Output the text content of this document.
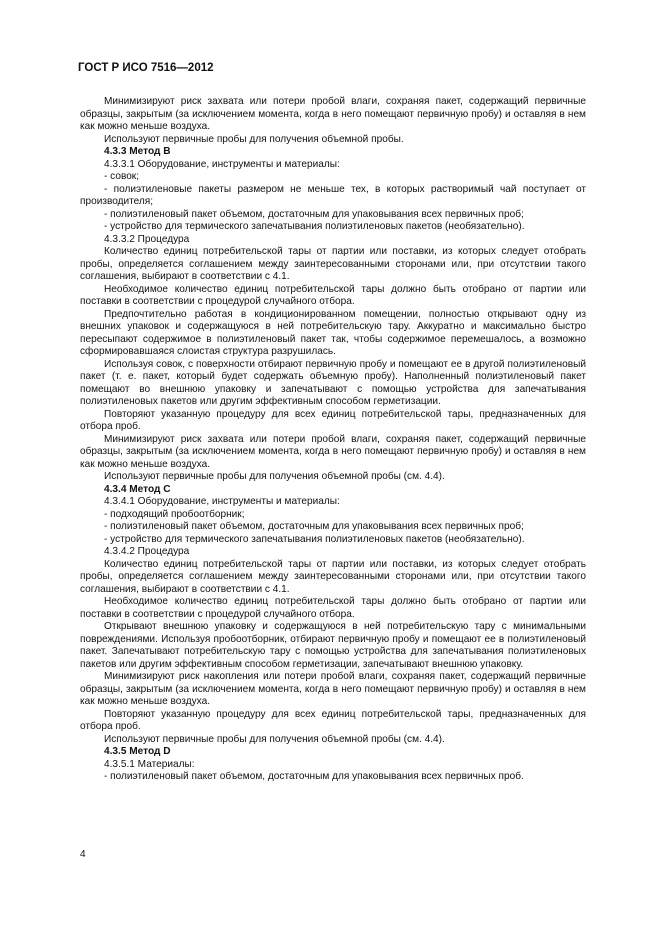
ГОСТ Р ИСО 7516—2012

Минимизируют риск захвата или потери пробой влаги, сохраняя пакет, содержащий первичные образцы, закрытым (за исключением момента, когда в него помещают первичную пробу) и оставляя в нем как можно меньше воздуха.

Используют первичные пробы для получения объемной пробы.

4.3.3 Метод B

4.3.3.1 Оборудование, инструменты и материалы:

- совок;

- полиэтиленовые пакеты размером не меньше тех, в которых растворимый чай поступает от производителя;

- полиэтиленовый пакет объемом, достаточным для упаковывания всех первичных проб;

- устройство для термического запечатывания полиэтиленовых пакетов (необязательно).

4.3.3.2 Процедура

Количество единиц потребительской тары от партии или поставки, из которых следует отобрать пробы, определяется соглашением между заинтересованными сторонами или, при отсутствии такого соглашения, выбирают в соответствии с 4.1.

Необходимое количество единиц потребительской тары должно быть отобрано от партии или поставки в соответствии с процедурой случайного отбора.

Предпочтительно работая в кондиционированном помещении, полностью открывают одну из внешних упаковок и содержащуюся в ней потребительскую тару. Аккуратно и максимально быстро пересыпают содержимое в полиэтиленовый пакет так, чтобы содержимое перемешалось, а возможно сформировавшаяся слоистая структура разрушилась.

Используя совок, с поверхности отбирают первичную пробу и помещают ее в другой полиэтиленовый пакет (т. е. пакет, который будет содержать объемную пробу). Наполненный полиэтиленовый пакет помещают во внешнюю упаковку и запечатывают с помощью устройства для запечатывания полиэтиленовых пакетов или другим эффективным способом герметизации.

Повторяют указанную процедуру для всех единиц потребительской тары, предназначенных для отбора проб.

Минимизируют риск захвата или потери пробой влаги, сохраняя пакет, содержащий первичные образцы, закрытым (за исключением момента, когда в него помещают первичную пробу) и оставляя в нем как можно меньше воздуха.

Используют первичные пробы для получения объемной пробы (см. 4.4).

4.3.4 Метод C

4.3.4.1 Оборудование, инструменты и материалы:

- подходящий пробоотборник;

- полиэтиленовый пакет объемом, достаточным для упаковывания всех первичных проб;

- устройство для термического запечатывания полиэтиленовых пакетов (необязательно).

4.3.4.2 Процедура

Количество единиц потребительской тары от партии или поставки, из которых следует отобрать пробы, определяется соглашением между заинтересованными сторонами или, при отсутствии такого соглашения, выбирают в соответствии с 4.1.

Необходимое количество единиц потребительской тары должно быть отобрано от партии или поставки в соответствии с процедурой случайного отбора.

Открывают внешнюю упаковку и содержащуюся в ней потребительскую тару с минимальными повреждениями. Используя пробоотборник, отбирают первичную пробу и помещают ее в полиэтиленовый пакет. Запечатывают потребительскую тару с помощью устройства для запечатывания полиэтиленовых пакетов или другим эффективным способом герметизации, запечатывают внешнюю упаковку.

Минимизируют риск накопления или потери пробой влаги, сохраняя пакет, содержащий первичные образцы, закрытым (за исключением момента, когда в него помещают первичную пробу) и оставляя в нем как можно меньше воздуха.

Повторяют указанную процедуру для всех единиц потребительской тары, предназначенных для отбора проб.

Используют первичные пробы для получения объемной пробы (см. 4.4).

4.3.5 Метод D

4.3.5.1 Материалы:

- полиэтиленовый пакет объемом, достаточным для упаковывания всех первичных проб.

4
